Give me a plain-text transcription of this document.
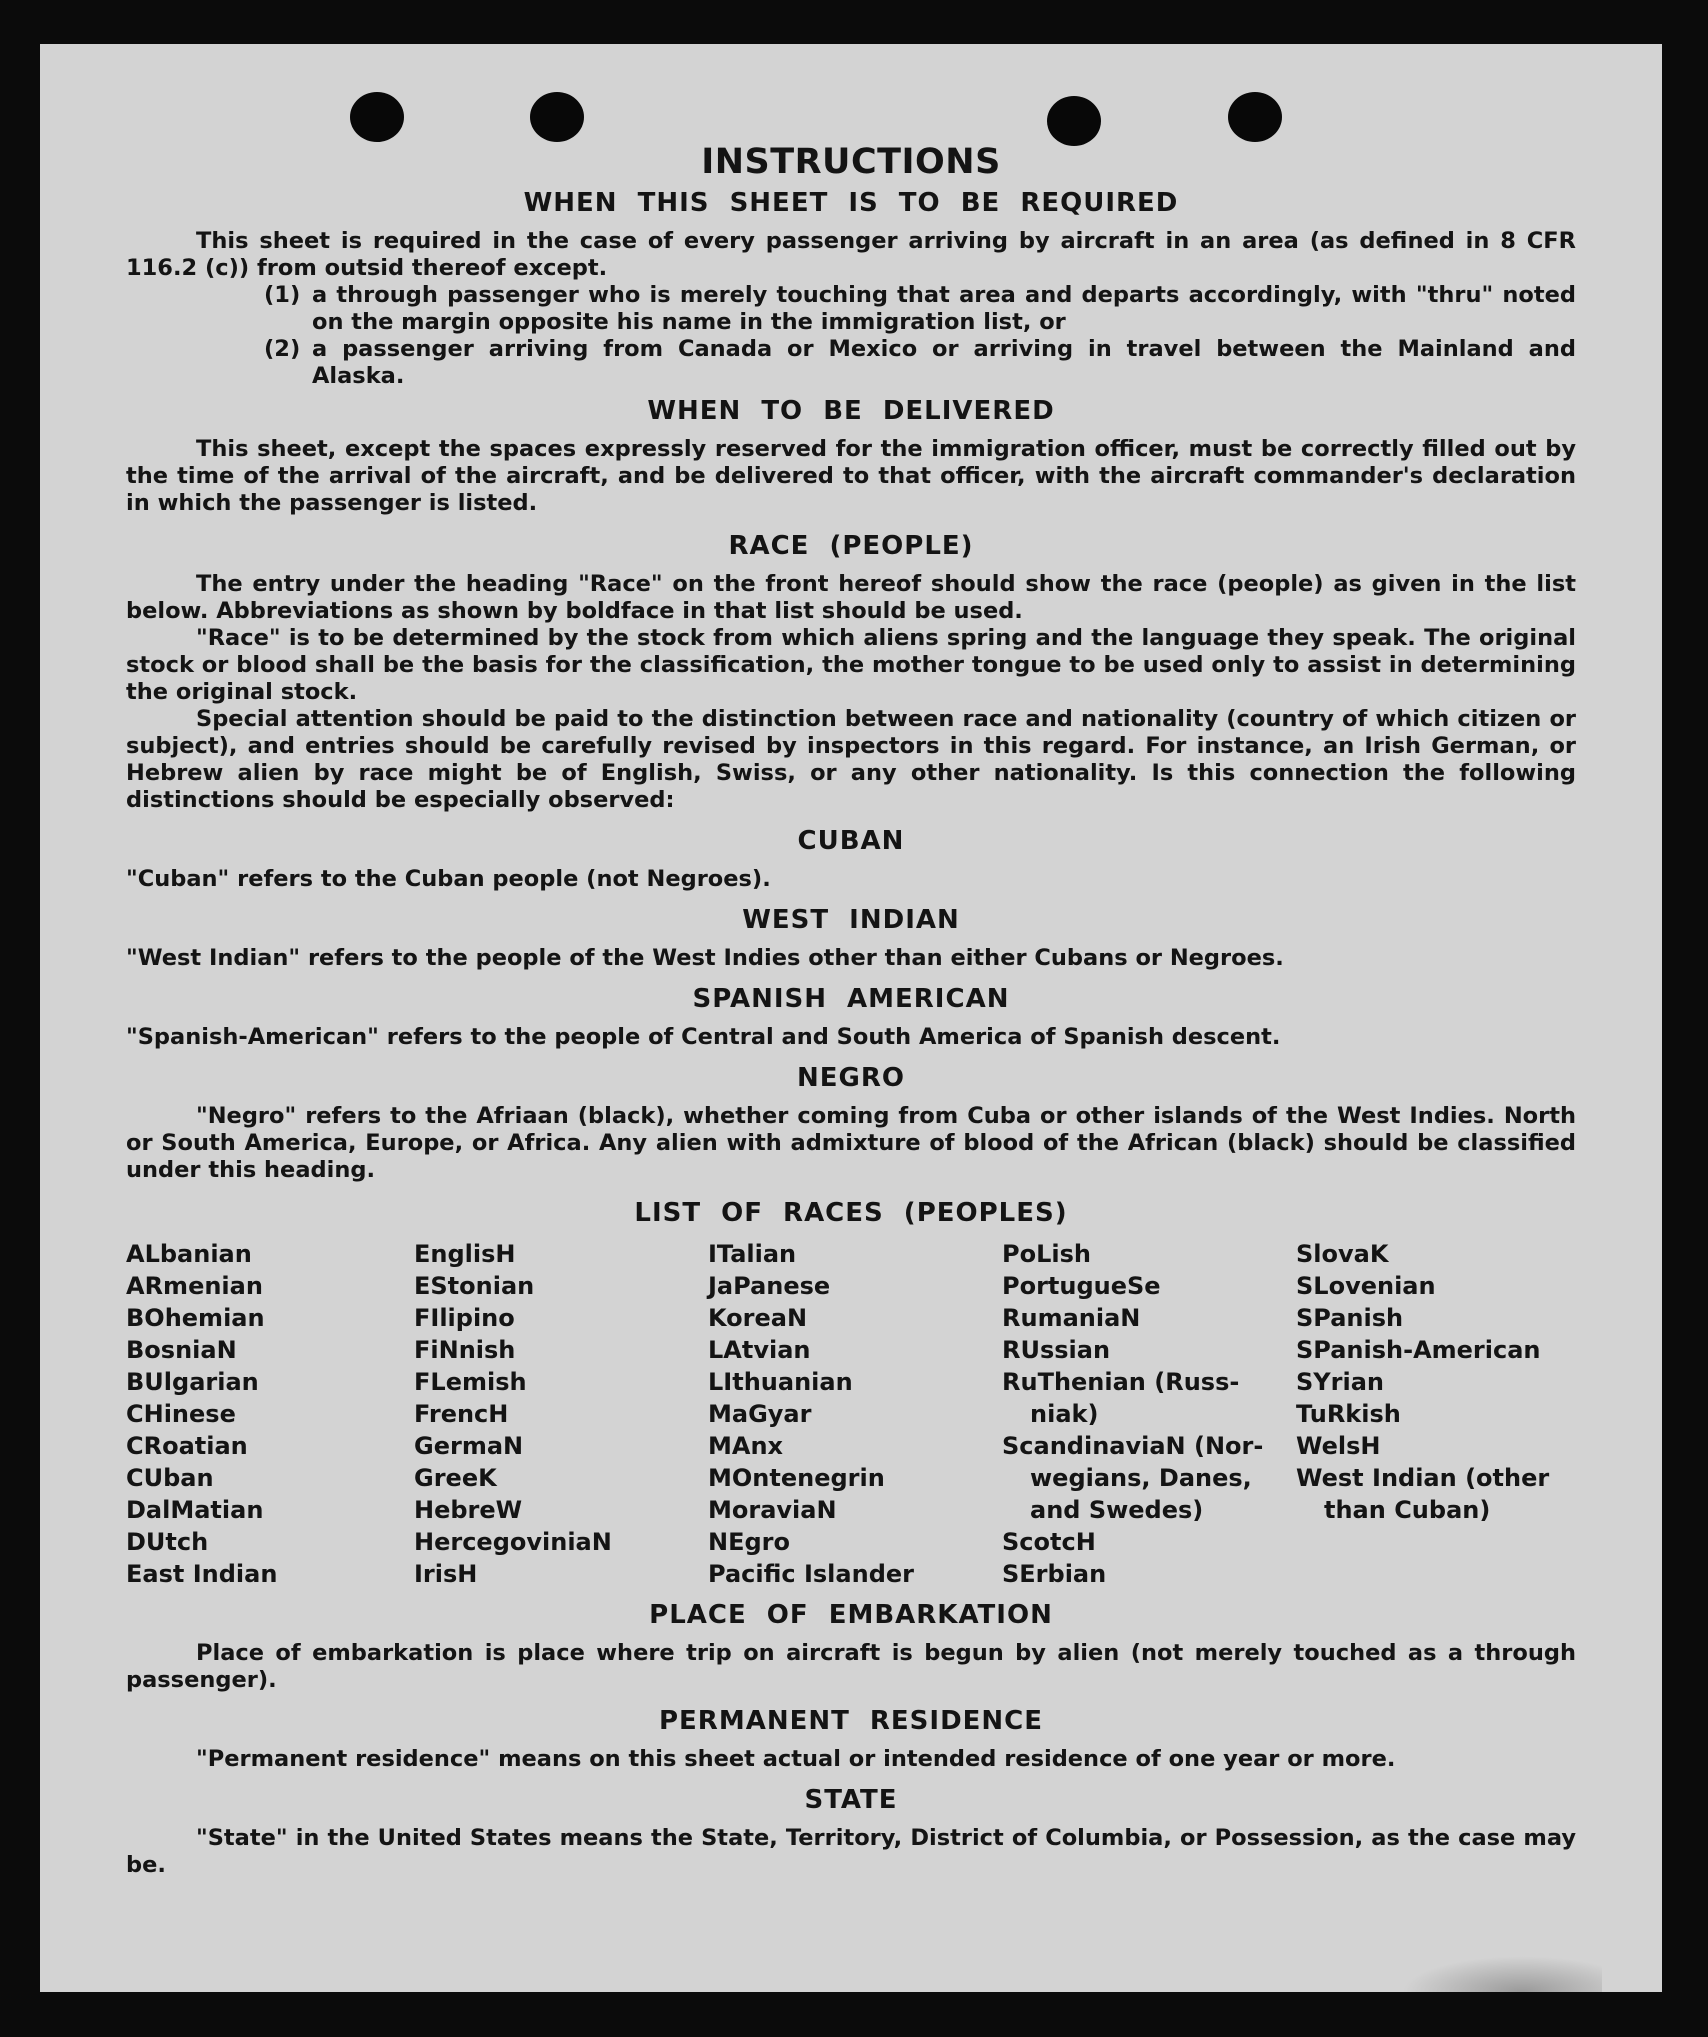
INSTRUCTIONS
WHEN THIS SHEET IS TO BE REQUIRED

This sheet is required in the case of every passenger arriving by aircraft in an area (as defined in 8 CFR 116.2 (c)) from outsid thereof except.

(1) a through passenger who is merely touching that area and departs accordingly, with "thru" noted on the margin opposite his name in the immigration list, or
(2) a passenger arriving from Canada or Mexico or arriving in travel between the Mainland and Alaska.
WHEN TO BE DELIVERED

This sheet, except the spaces expressly reserved for the immigration officer, must be correctly filled out by the time of the arrival of the aircraft, and be delivered to that officer, with the aircraft commander's declaration in which the passenger is listed.

RACE (PEOPLE)

The entry under the heading "Race" on the front hereof should show the race (people) as given in the list below. Abbreviations as shown by boldface in that list should be used.

"Race" is to be determined by the stock from which aliens spring and the language they speak. The original stock or blood shall be the basis for the classification, the mother tongue to be used only to assist in determining the original stock.

Special attention should be paid to the distinction between race and nationality (country of which citizen or subject), and entries should be carefully revised by inspectors in this regard. For instance, an Irish German, or Hebrew alien by race might be of English, Swiss, or any other nationality. Is this connection the following distinctions should be especially observed:

CUBAN

"Cuban" refers to the Cuban people (not Negroes).

WEST INDIAN

"West Indian" refers to the people of the West Indies other than either Cubans or Negroes.

SPANISH AMERICAN

"Spanish-American" refers to the people of Central and South America of Spanish descent.

NEGRO

"Negro" refers to the Afriaan (black), whether coming from Cuba or other islands of the West Indies. North or South America, Europe, or Africa. Any alien with admixture of blood of the African (black) should be classified under this heading.

LIST OF RACES (PEOPLES)
ALbanian
ARmenian
BOhemian
BosniaN
BUlgarian
CHinese
CRoatian
CUban
DalMatian
DUtch
East Indian
EnglisH
EStonian
FIlipino
FiNnish
FLemish
FrencH
GermaN
GreeK
HebreW
HercegoviniaN
IrisH
ITalian
JaPanese
KoreaN
LAtvian
LIthuanian
MaGyar
MAnx
MOntenegrin
MoraviaN
NEgro
Pacific Islander
PoLish
PortugueSe
RumaniaN
RUssian
RuThenian (Russ-
niak)
ScandinaviaN (Nor-
wegians, Danes,
and Swedes)
ScotcH
SErbian
SlovaK
SLovenian
SPanish
SPanish-American
SYrian
TuRkish
WelsH
West Indian (other
than Cuban)
PLACE OF EMBARKATION

Place of embarkation is place where trip on aircraft is begun by alien (not merely touched as a through passenger).

PERMANENT RESIDENCE

"Permanent residence" means on this sheet actual or intended residence of one year or more.

STATE

"State" in the United States means the State, Territory, District of Columbia, or Possession, as the case may be.
